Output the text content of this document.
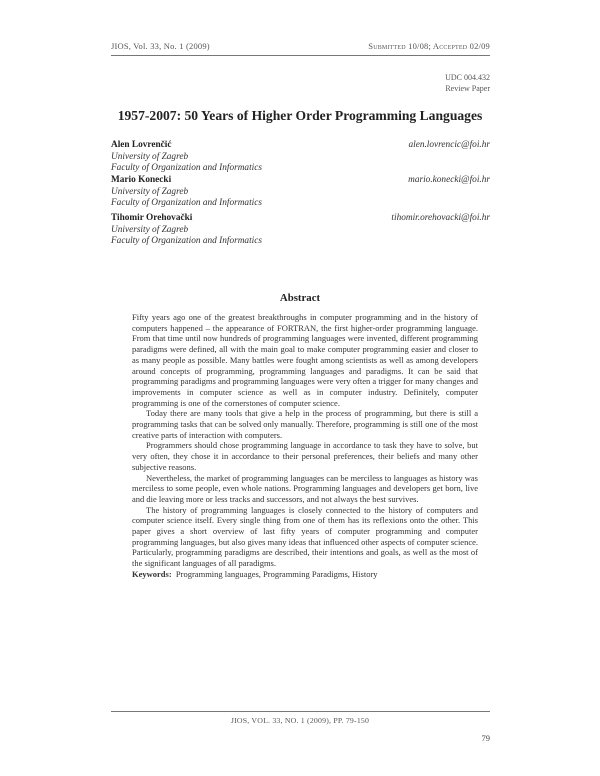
JIOS, Vol. 33, No. 1 (2009)	Submitted 10/08; Accepted 02/09
UDC 004.432
Review Paper
1957-2007: 50 Years of Higher Order Programming Languages
Alen Lovrenčić	alen.lovrencic@foi.hr
University of Zagreb
Faculty of Organization and Informatics
Mario Konecki	mario.konecki@foi.hr
University of Zagreb
Faculty of Organization and Informatics
Tihomir Orehovački	tihomir.orehovacki@foi.hr
University of Zagreb
Faculty of Organization and Informatics
Abstract

Fifty years ago one of the greatest breakthroughs in computer programming and in the history of computers happened – the appearance of FORTRAN, the first higher-order programming language. From that time until now hundreds of programming languages were invented, different programming paradigms were defined, all with the main goal to make computer programming easier and closer to as many people as possible. Many battles were fought among scientists as well as among developers around concepts of programming, programming languages and paradigms. It can be said that programming paradigms and programming languages were very often a trigger for many changes and improvements in computer science as well as in computer industry. Definitely, computer programming is one of the cornerstones of computer science.

Today there are many tools that give a help in the process of programming, but there is still a programming tasks that can be solved only manually. Therefore, programming is still one of the most creative parts of interaction with computers.

Programmers should chose programming language in accordance to task they have to solve, but very often, they chose it in accordance to their personal preferences, their beliefs and many other subjective reasons.

Nevertheless, the market of programming languages can be merciless to languages as history was merciless to some people, even whole nations. Programming languages and developers get born, live and die leaving more or less tracks and successors, and not always the best survives.

The history of programming languages is closely connected to the history of computers and computer science itself. Every single thing from one of them has its reflexions onto the other. This paper gives a short overview of last fifty years of computer programming and computer programming languages, but also gives many ideas that influenced other aspects of computer science. Particularly, programming paradigms are described, their intentions and goals, as well as the most of the significant languages of all paradigms.

Keywords: Programming languages, Programming Paradigms, History
JIOS, VOL. 33, NO. 1 (2009), PP. 79-150
79
